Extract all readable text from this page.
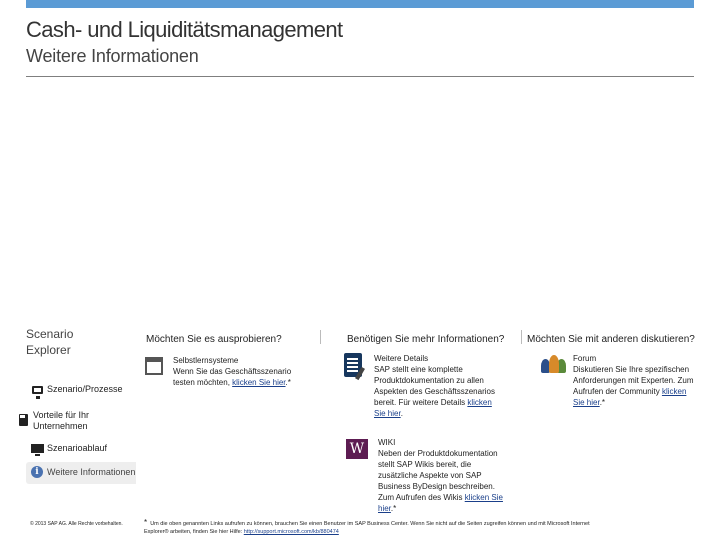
Cash- und Liquiditätsmanagement
Weitere Informationen
Scenario
Explorer
Szenario/Prozesse
Vorteile für Ihr
Unternehmen
Szenarioablauf
i Weitere Informationen
© 2013 SAP AG. Alle Rechte vorbehalten.
Möchten Sie es ausprobieren?	Benötigen Sie mehr Informationen? Möchten Sie mit anderen diskutieren?
Selbstlernsysteme
Wenn Sie das Geschäftsszenario
testen möchten, klicken Sie hier.*
Weitere Details
SAP stellt eine komplette
Produktdokumentation zu allen
Aspekten des Geschäftsszenarios
bereit. Für weitere Details klicken
Sie hier.
W	WIKI
Neben der Produktdokumentation
stellt SAP Wikis bereit, die
zusätzliche Aspekte von SAP
Business ByDesign beschreiben.
Zum Aufrufen des Wikis klicken Sie
hier.*
Forum
Diskutieren Sie Ihre spezifischen
Anforderungen mit Experten. Zum
Aufrufen der Community klicken
Sie hier.*
* Um die oben genannten Links aufrufen zu können, brauchen Sie einen Benutzer im SAP Business Center. Wenn Sie nicht auf die Seiten zugreifen können und mit Microsoft Internet
Explorer® arbeiten, finden Sie hier Hilfe: http://support.microsoft.com/kb/880474
